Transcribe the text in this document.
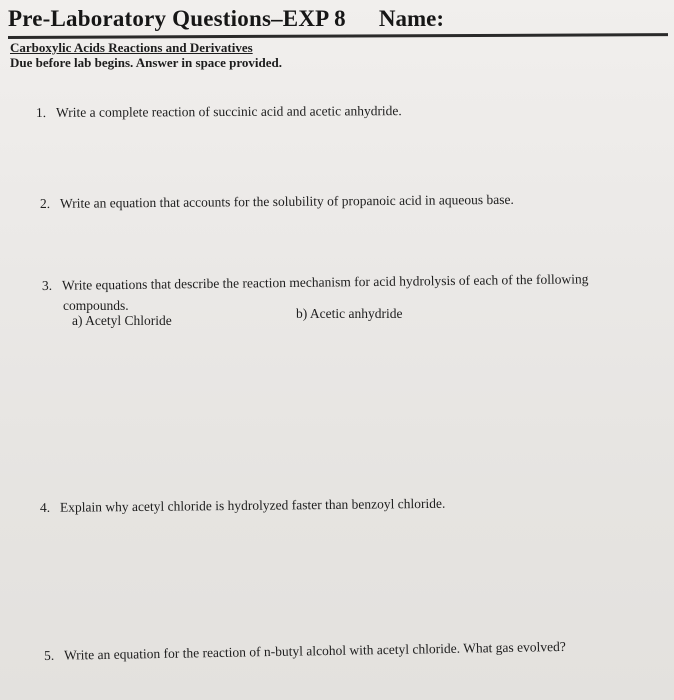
Pre-Laboratory Questions–EXP 8 Name:
Carboxylic Acids Reactions and Derivatives
Due before lab begins. Answer in space provided.
1. Write a complete reaction of succinic acid and acetic anhydride.
2. Write an equation that accounts for the solubility of propanoic acid in aqueous base.
3. Write equations that describe the reaction mechanism for acid hydrolysis of each of the following
compounds.
a) Acetyl Chloride	b) Acetic anhydride
4. Explain why acetyl chloride is hydrolyzed faster than benzoyl chloride.
5. Write an equation for the reaction of n-butyl alcohol with acetyl chloride. What gas evolved?
